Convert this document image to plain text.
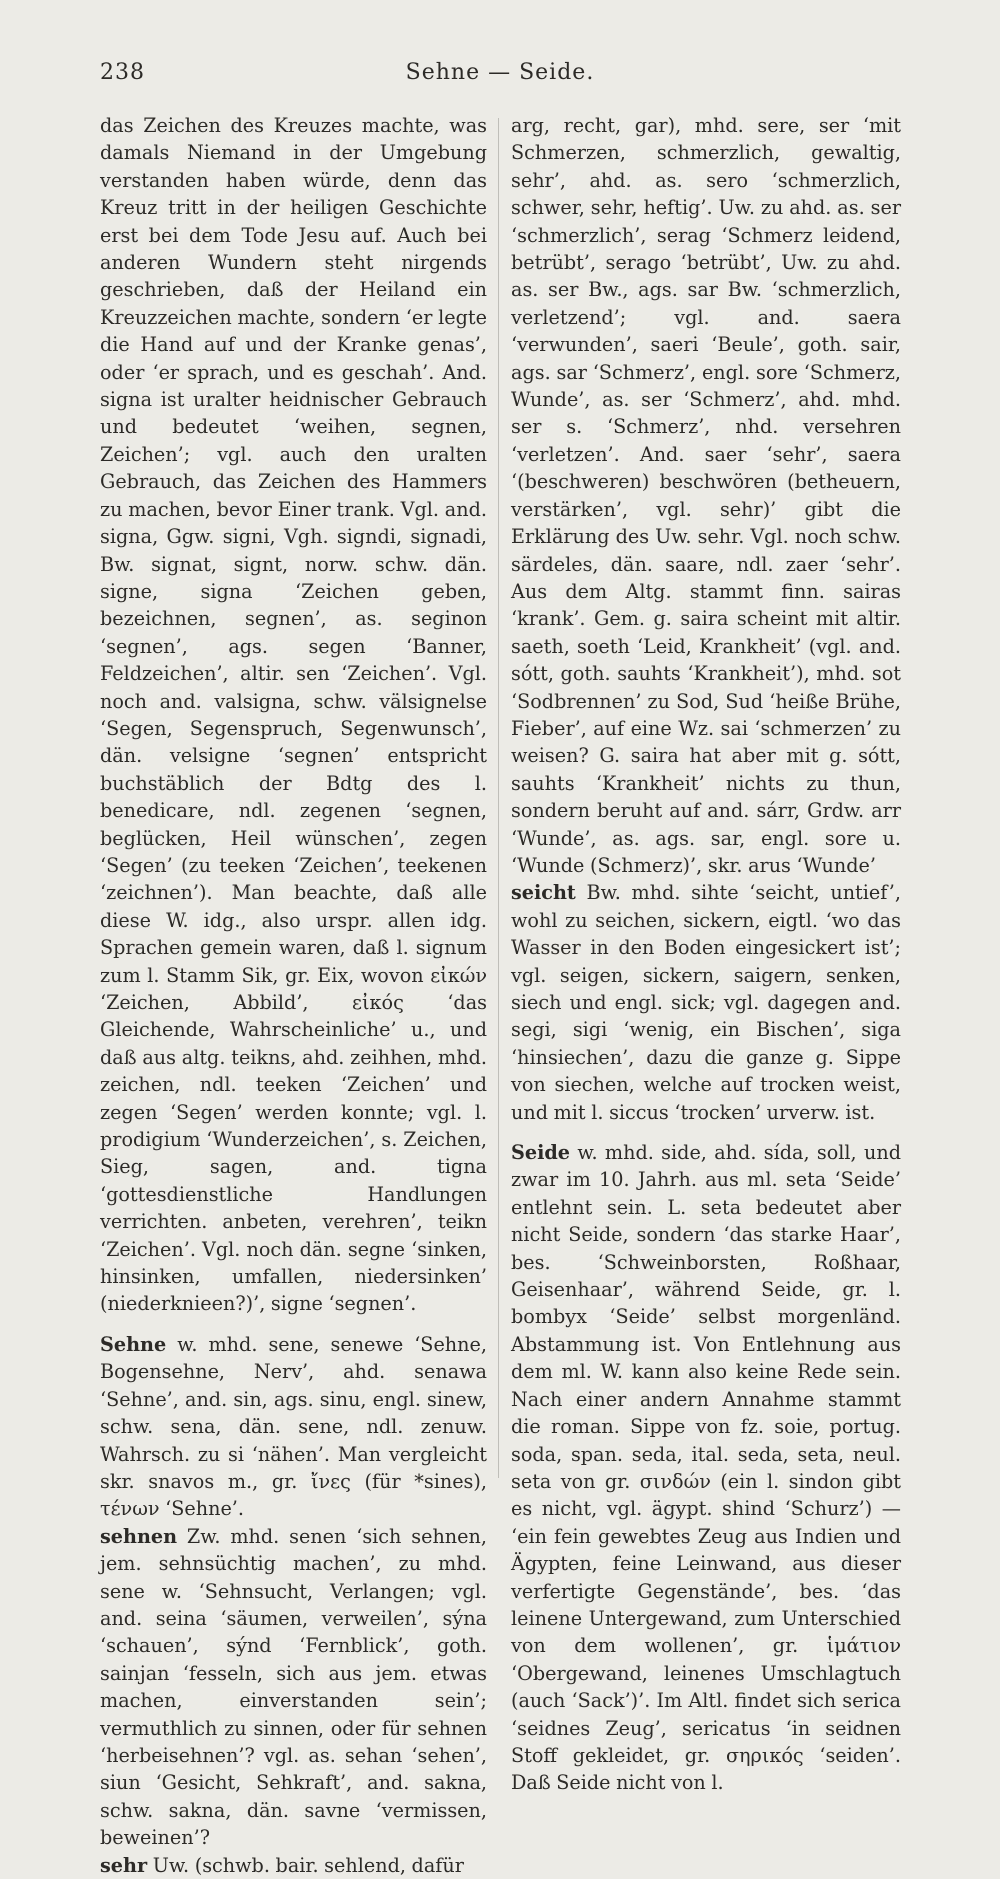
238	Sehne — Seide.

das Zeichen des Kreuzes machte, was damals Niemand in der Umgebung verstanden haben würde, denn das Kreuz tritt in der heiligen Geschichte erst bei dem Tode Jesu auf. Auch bei anderen Wundern steht nirgends geschrieben, daß der Heiland ein Kreuzzeichen machte, sondern ‘er legte die Hand auf und der Kranke genas’, oder ‘er sprach, und es geschah’. And. signa ist uralter heidnischer Gebrauch und bedeutet ‘weihen, segnen, Zeichen’; vgl. auch den uralten Gebrauch, das Zeichen des Hammers zu machen, bevor Einer trank. Vgl. and. signa, Ggw. signi, Vgh. signdi, signadi, Bw. signat, signt, norw. schw. dän. signe, signa ‘Zeichen geben, bezeichnen, segnen’, as. seginon ‘segnen’, ags. segen ‘Banner, Feldzeichen’, altir. sen ‘Zeichen’. Vgl. noch and. valsigna, schw. välsignelse ‘Segen, Segenspruch, Segenwunsch’, dän. velsigne ‘segnen’ entspricht buchstäblich der Bdtg des l. benedicare, ndl. zegenen ‘segnen, beglücken, Heil wünschen’, zegen ‘Segen’ (zu teeken ‘Zeichen’, teekenen ‘zeichnen’). Man beachte, daß alle diese W. idg., also urspr. allen idg. Sprachen gemein waren, daß l. signum zum l. Stamm Sik, gr. Eix, wovon εἰκών ‘Zeichen, Abbild’, εἰκός ‘das Gleichende, Wahrscheinliche’ u., und daß aus altg. teikns, ahd. zeihhen, mhd. zeichen, ndl. teeken ‘Zeichen’ und zegen ‘Segen’ werden konnte; vgl. l. prodigium ‘Wunderzeichen’, s. Zeichen, Sieg, sagen, and. tigna ‘gottesdienstliche Handlungen verrichten. anbeten, verehren’, teikn ‘Zeichen’. Vgl. noch dän. segne ‘sinken, hinsinken, umfallen, niedersinken’ (niederknieen?)’, signe ‘segnen’.

Sehne w. mhd. sene, senewe ‘Sehne, Bogensehne, Nerv’, ahd. senawa ‘Sehne’, and. sin, ags. sinu, engl. sinew, schw. sena, dän. sene, ndl. zenuw. Wahrsch. zu si ‘nähen’. Man vergleicht skr. snavos m., gr. ἴνες (für *sines), τένων ‘Sehne’.

sehnen Zw. mhd. senen ‘sich sehnen, jem. sehnsüchtig machen’, zu mhd. sene w. ‘Sehnsucht, Verlangen; vgl. and. seina ‘säumen, verweilen’, sýna ‘schauen’, sýnd ‘Fernblick’, goth. sainjan ‘fesseln, sich aus jem. etwas machen, einverstanden sein’; vermuthlich zu sinnen, oder für sehnen ‘herbeisehnen’? vgl. as. sehan ‘sehen’, siun ‘Gesicht, Sehkraft’, and. sakna, schw. sakna, dän. savne ‘vermissen, beweinen’?

sehr Uw. (schwb. bair. sehlend, dafür

arg, recht, gar), mhd. sere, ser ‘mit Schmerzen, schmerzlich, gewaltig, sehr’, ahd. as. sero ‘schmerzlich, schwer, sehr, heftig’. Uw. zu ahd. as. ser ‘schmerzlich’, serag ‘Schmerz leidend, betrübt’, serago ‘betrübt’, Uw. zu ahd. as. ser Bw., ags. sar Bw. ‘schmerzlich, verletzend’; vgl. and. saera ‘verwunden’, saeri ‘Beule’, goth. sair, ags. sar ‘Schmerz’, engl. sore ‘Schmerz, Wunde’, as. ser ‘Schmerz’, ahd. mhd. ser s. ‘Schmerz’, nhd. versehren ‘verletzen’. And. saer ‘sehr’, saera ‘(beschweren) beschwören (betheuern, verstärken’, vgl. sehr)’ gibt die Erklärung des Uw. sehr. Vgl. noch schw. särdeles, dän. saare, ndl. zaer ‘sehr’. Aus dem Altg. stammt finn. sairas ‘krank’. Gem. g. saira scheint mit altir. saeth, soeth ‘Leid, Krankheit’ (vgl. and. sótt, goth. sauhts ‘Krankheit’), mhd. sot ‘Sodbrennen’ zu Sod, Sud ‘heiße Brühe, Fieber’, auf eine Wz. sai ‘schmerzen’ zu weisen? G. saira hat aber mit g. sótt, sauhts ‘Krankheit’ nichts zu thun, sondern beruht auf and. sárr, Grdw. arr ‘Wunde’, as. ags. sar, engl. sore u. ‘Wunde (Schmerz)’, skr. arus ‘Wunde’

seicht Bw. mhd. sihte ‘seicht, untief’, wohl zu seichen, sickern, eigtl. ‘wo das Wasser in den Boden eingesickert ist’; vgl. seigen, sickern, saigern, senken, siech und engl. sick; vgl. dagegen and. segi, sigi ‘wenig, ein Bischen’, siga ‘hinsiechen’, dazu die ganze g. Sippe von siechen, welche auf trocken weist, und mit l. siccus ‘trocken’ urverw. ist.

Seide w. mhd. side, ahd. sída, soll, und zwar im 10. Jahrh. aus ml. seta ‘Seide’ entlehnt sein. L. seta bedeutet aber nicht Seide, sondern ‘das starke Haar’, bes. ‘Schweinborsten, Roßhaar, Geisenhaar’, während Seide, gr. l. bombyx ‘Seide’ selbst morgenländ. Abstammung ist. Von Entlehnung aus dem ml. W. kann also keine Rede sein. Nach einer andern Annahme stammt die roman. Sippe von fz. soie, portug. soda, span. seda, ital. seda, seta, neul. seta von gr. σινδών (ein l. sindon gibt es nicht, vgl. ägypt. shind ‘Schurz’) — ‘ein fein gewebtes Zeug aus Indien und Ägypten, feine Leinwand, aus dieser verfertigte Gegenstände’, bes. ‘das leinene Untergewand, zum Unterschied von dem wollenen’, gr. ἱμάτιον ‘Obergewand, leinenes Umschlagtuch (auch ‘Sack’)’. Im Altl. findet sich serica ‘seidnes Zeug’, sericatus ‘in seidnen Stoff gekleidet, gr. σηρικός ‘seiden’. Daß Seide nicht von l.
